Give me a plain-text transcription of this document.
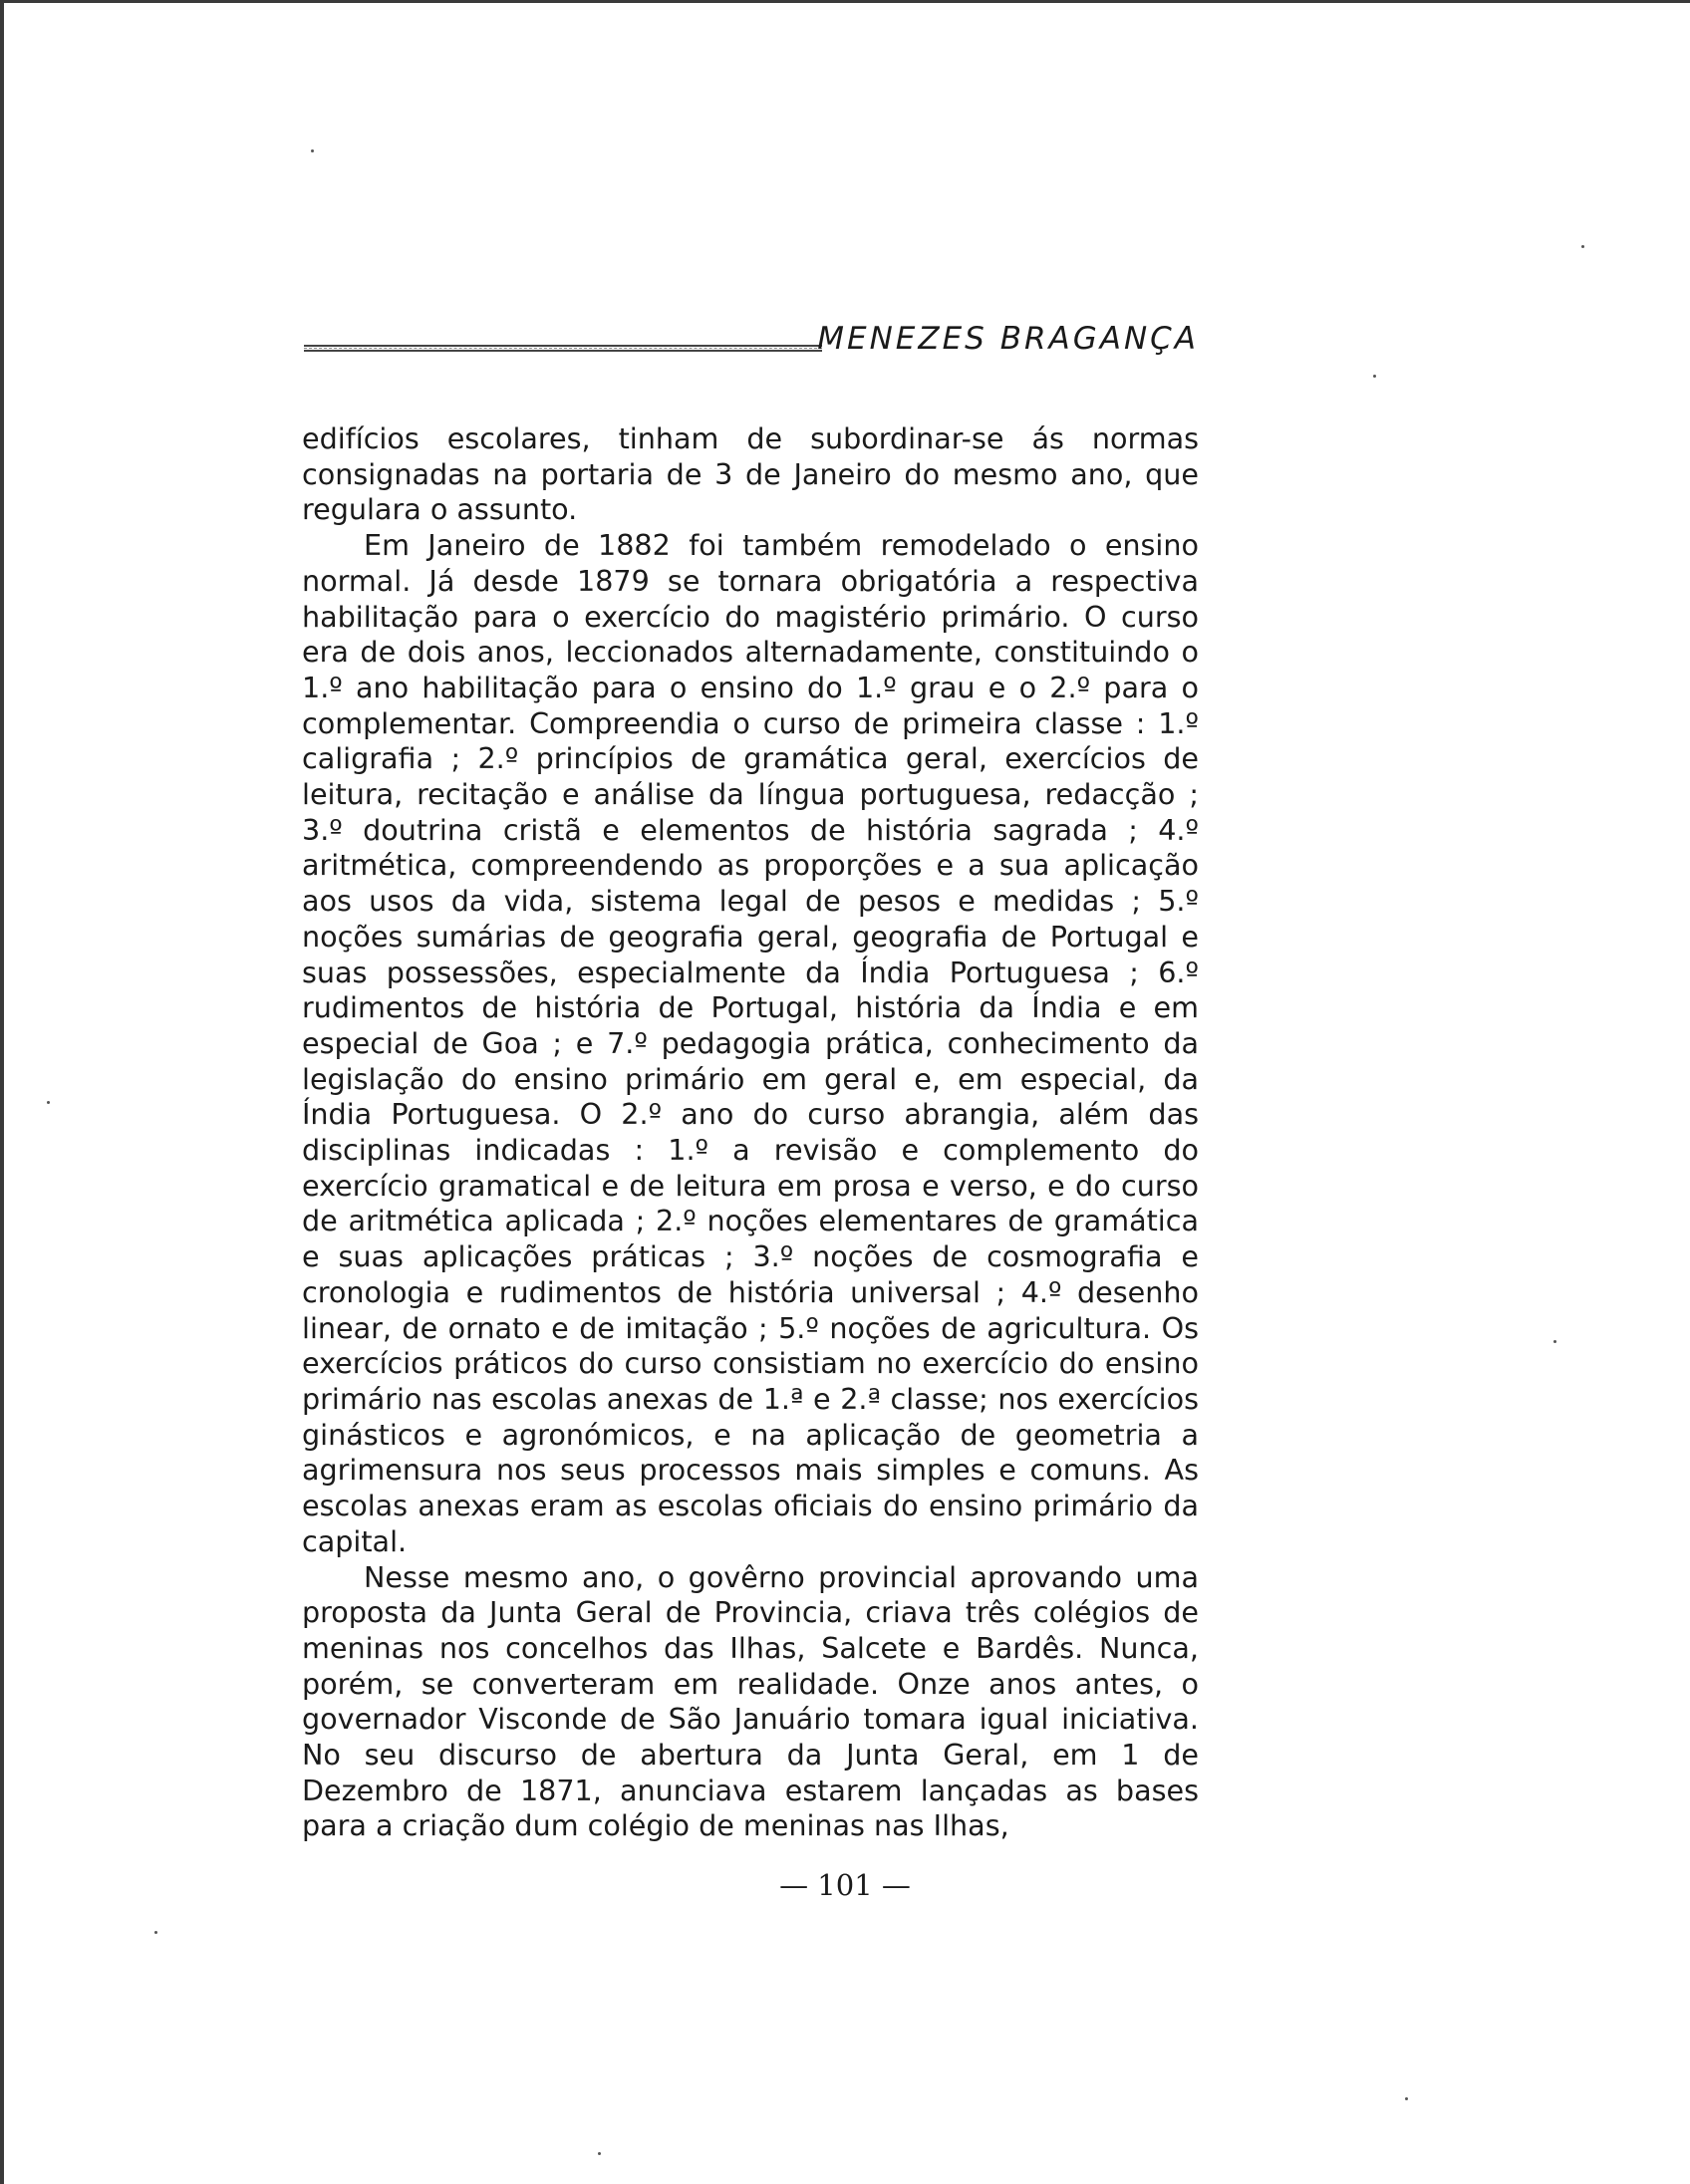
MENEZES BRAGANÇA

edifícios escolares, tinham de subordinar-se ás normas consignadas na portaria de 3 de Janeiro do mesmo ano, que regulara o assunto.

Em Janeiro de 1882 foi também remodelado o ensino normal. Já desde 1879 se tornara obrigatória a respectiva habilitação para o exercício do magistério primário. O curso era de dois anos, leccionados alternadamente, constituindo o 1.º ano habilitação para o ensino do 1.º grau e o 2.º para o complementar. Compreendia o curso de primeira classe : 1.º caligrafia ; 2.º princípios de gramática geral, exercícios de leitura, recitação e análise da língua portuguesa, redacção ; 3.º doutrina cristã e elementos de história sagrada ; 4.º aritmética, compreendendo as proporções e a sua aplicação aos usos da vida, sistema legal de pesos e medidas ; 5.º noções sumárias de geografia geral, geografia de Portugal e suas possessões, especialmente da Índia Portuguesa ; 6.º rudimentos de história de Portugal, história da Índia e em especial de Goa ; e 7.º pedagogia prática, conhecimento da legislação do ensino primário em geral e, em especial, da Índia Portuguesa. O 2.º ano do curso abrangia, além das disciplinas indicadas : 1.º a revisão e complemento do exercício gramatical e de leitura em prosa e verso, e do curso de aritmética aplicada ; 2.º noções elementares de gramática e suas aplicações práticas ; 3.º noções de cosmografia e cronologia e rudimentos de história universal ; 4.º desenho linear, de ornato e de imitação ; 5.º noções de agricultura. Os exercícios práticos do curso consistiam no exercício do ensino primário nas escolas anexas de 1.ª e 2.ª classe; nos exercícios ginásticos e agronómicos, e na aplicação de geometria a agrimensura nos seus processos mais simples e comuns. As escolas anexas eram as escolas oficiais do ensino primário da capital.

Nesse mesmo ano, o govêrno provincial aprovando uma proposta da Junta Geral de Provincia, criava três colégios de meninas nos concelhos das Ilhas, Salcete e Bardês. Nunca, porém, se converteram em realidade. Onze anos antes, o governador Visconde de São Januário tomara igual iniciativa. No seu discurso de abertura da Junta Geral, em 1 de Dezembro de 1871, anunciava estarem lançadas as bases para a criação dum colégio de meninas nas Ilhas,

— 101 —
